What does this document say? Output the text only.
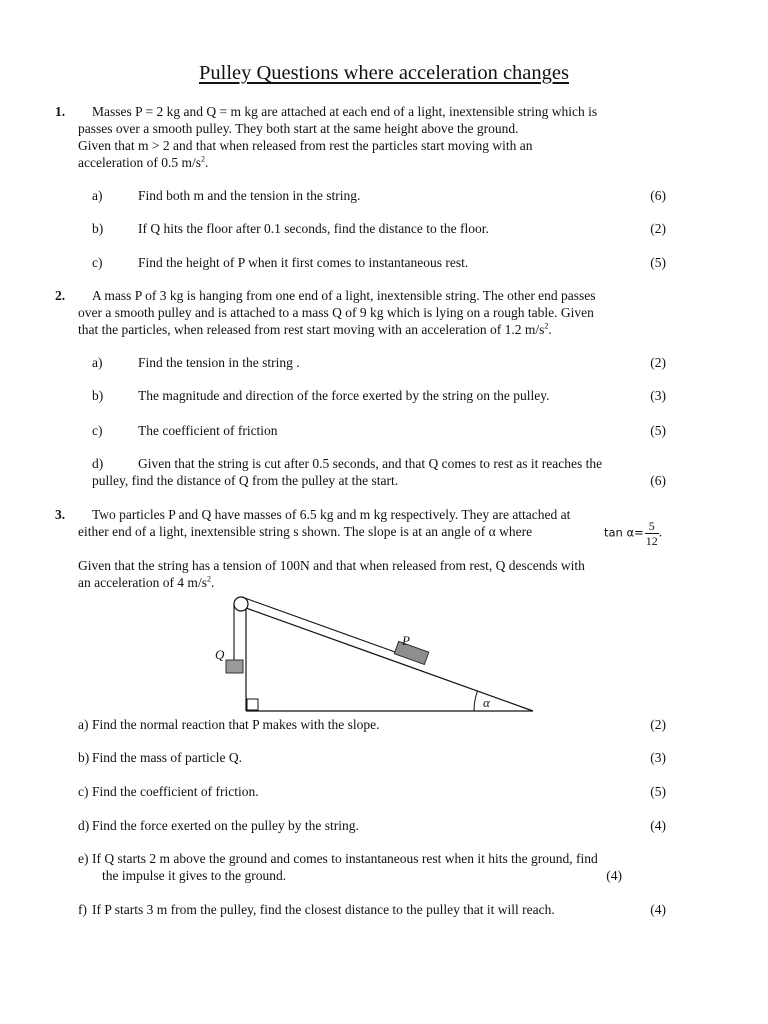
Pulley Questions where acceleration changes
1. Masses P = 2 kg and Q = m kg are attached at each end of a light, inextensible string which is
passes over a smooth pulley. They both start at the same height above the ground.
Given that m > 2 and that when released from rest the particles start moving with an
acceleration of 0.5 $m/s^2$.
a)	Find both m and the tension in the string.	(6)
b)	If Q hits the floor after 0.1 seconds, find the distance to the floor.	(2)
c)	Find the height of P when it first comes to instantaneous rest.	(5)
2. A mass P of 3 kg is hanging from one end of a light, inextensible string. The other end passes
over a smooth pulley and is attached to a mass Q of 9 kg which is lying on a rough table. Given
that the particles, when released from rest start moving with an acceleration of 1.2 $m/s^2$.
a)	Find the tension in the string .	(2)
b)	The magnitude and direction of the force exerted by the string on the pulley.	(3)
c)	The coefficient of friction	(5)
d)	Given that the string is cut after 0.5 seconds, and that Q comes to rest as it reaches the
pulley, find the distance of Q from the pulley at the start.	(6)
3. Two particles P and Q have masses of 6.5 kg and m kg respectively. They are attached at
either end of a light, inextensible string s shown. The slope is at an angle of α where	$\tan \alpha= \frac{5}{12}$ .
Given that the string has a tension of 100N and that when released from rest, Q descends with
an acceleration of 4 $m/s^2$.
P
Q
α
a) Find the normal reaction that P makes with the slope.	(2)
b) Find the mass of particle Q.	(3)
c) Find the coefficient of friction.	(5)
d) Find the force exerted on the pulley by the string.	(4)
e) If Q starts 2 m above the ground and comes to instantaneous rest when it hits the ground, find
the impulse it gives to the ground.	(4)
f) If P starts 3 m from the pulley, find the closest distance to the pulley that it will reach.	(4)
